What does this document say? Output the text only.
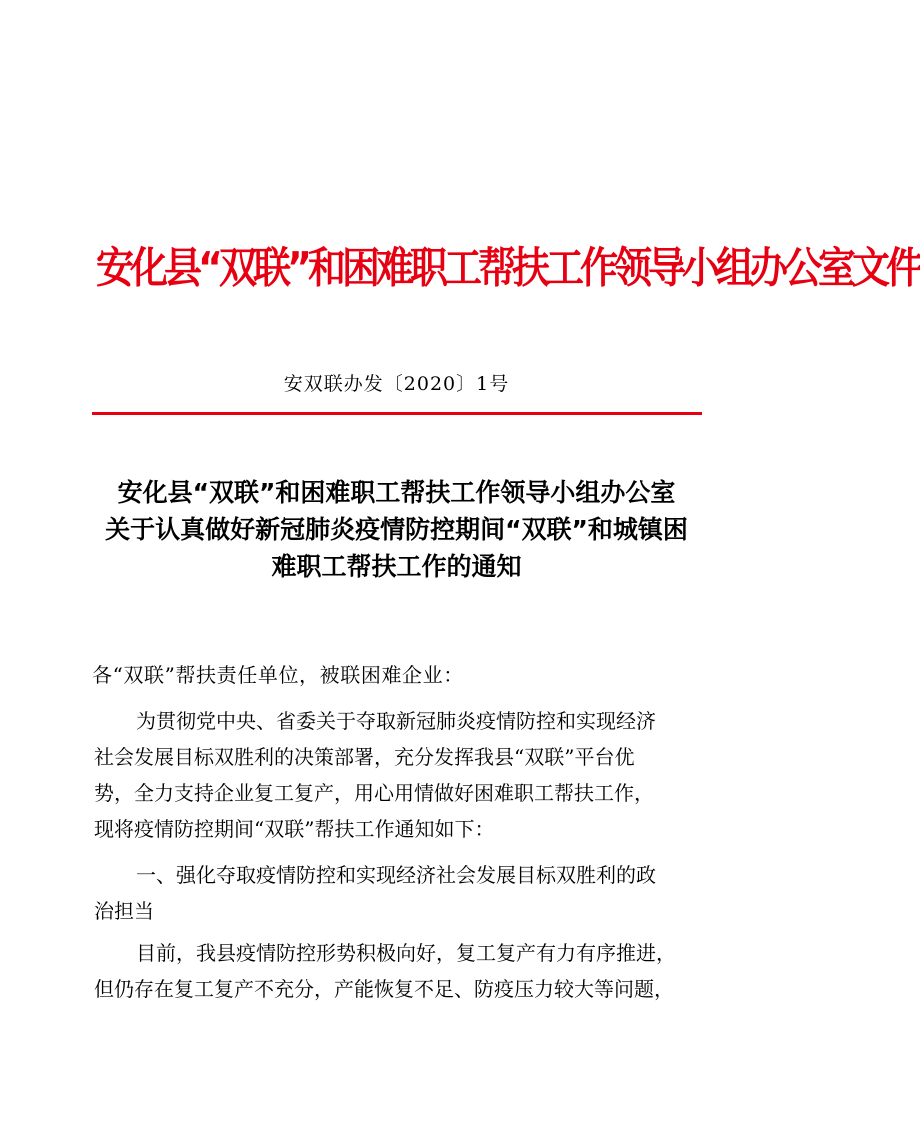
安化县“双联”和困难职工帮扶工作领导小组办公室文件
安双联办发〔2020〕1号
安化县“双联”和困难职工帮扶工作领导小组办公室
关于认真做好新冠肺炎疫情防控期间“双联”和城镇困
难职工帮扶工作的通知
各“双联”帮扶责任单位，被联困难企业：
为贯彻党中央、省委关于夺取新冠肺炎疫情防控和实现经济
社会发展目标双胜利的决策部署，充分发挥我县“双联”平台优
势，全力支持企业复工复产，用心用情做好困难职工帮扶工作，
现将疫情防控期间“双联”帮扶工作通知如下：
一、强化夺取疫情防控和实现经济社会发展目标双胜利的政
治担当
目前，我县疫情防控形势积极向好，复工复产有力有序推进，
但仍存在复工复产不充分，产能恢复不足、防疫压力较大等问题，
